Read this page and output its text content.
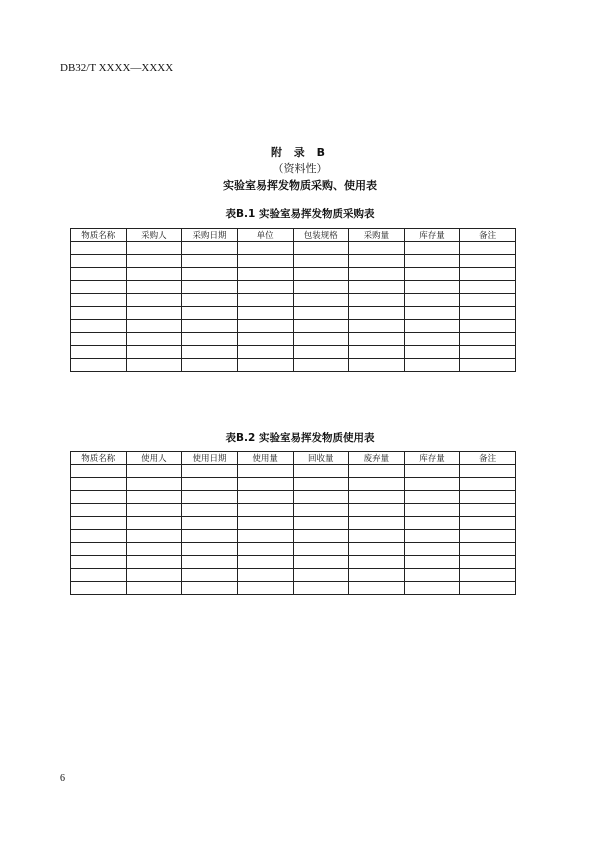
DB32/T XXXX—XXXX
附 录 B
（资料性）
实验室易挥发物质采购、使用表
表B.1 实验室易挥发物质采购表
物质名称	采购人	采购日期	单位	包装规格	采购量	库存量	备注

表B.2 实验室易挥发物质使用表
物质名称	使用人	使用日期	使用量	回收量	废弃量	库存量	备注

6
